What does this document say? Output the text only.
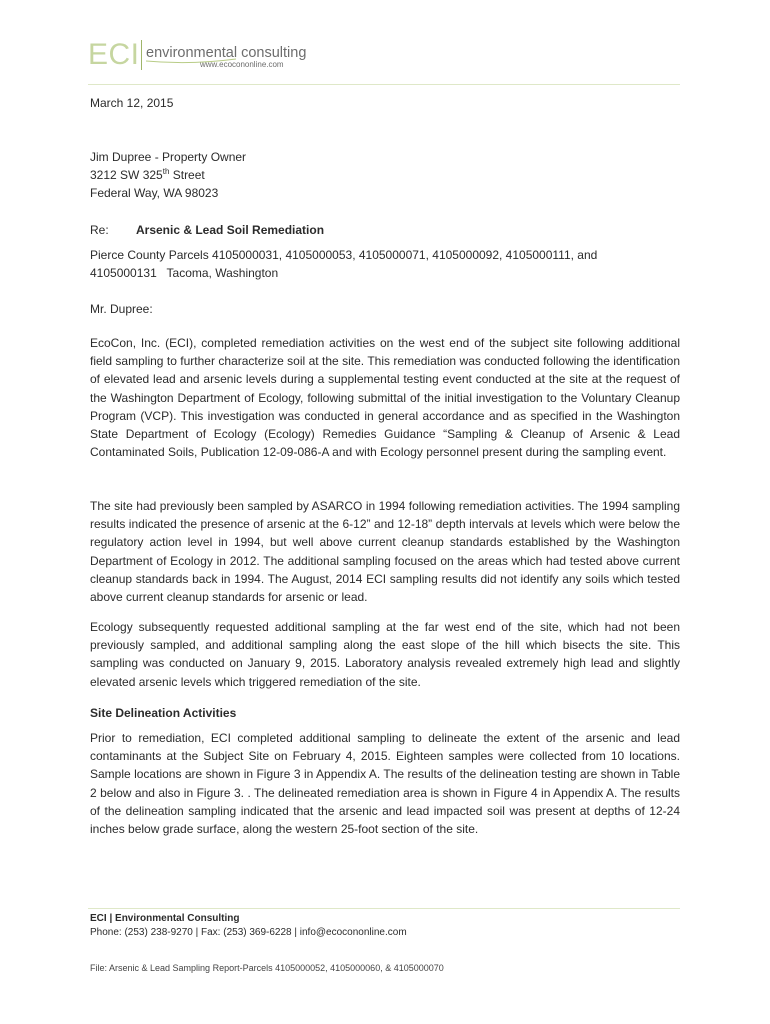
ECI environmental consulting
www.ecocononline.com
March 12, 2015
Jim Dupree - Property Owner
3212 SW 325th Street
Federal Way, WA 98023
Re: Arsenic & Lead Soil Remediation
Pierce County Parcels 4105000031, 4105000053, 4105000071, 4105000092, 4105000111, and
4105000131   Tacoma, Washington
Mr. Dupree:
EcoCon, Inc. (ECI), completed remediation activities on the west end of the subject site following additional field sampling to further characterize soil at the site. This remediation was conducted following the identification of elevated lead and arsenic levels during a supplemental testing event conducted at the site at the request of the Washington Department of Ecology, following submittal of the initial investigation to the Voluntary Cleanup Program (VCP). This investigation was conducted in general accordance and as specified in the Washington State Department of Ecology (Ecology) Remedies Guidance “Sampling & Cleanup of Arsenic & Lead Contaminated Soils, Publication 12-09-086-A and with Ecology personnel present during the sampling event.
The site had previously been sampled by ASARCO in 1994 following remediation activities. The 1994 sampling results indicated the presence of arsenic at the 6-12” and 12-18” depth intervals at levels which were below the regulatory action level in 1994, but well above current cleanup standards established by the Washington Department of Ecology in 2012. The additional sampling focused on the areas which had tested above current cleanup standards back in 1994. The August, 2014 ECI sampling results did not identify any soils which tested above current cleanup standards for arsenic or lead.
Ecology subsequently requested additional sampling at the far west end of the site, which had not been previously sampled, and additional sampling along the east slope of the hill which bisects the site. This sampling was conducted on January 9, 2015. Laboratory analysis revealed extremely high lead and slightly elevated arsenic levels which triggered remediation of the site.
Site Delineation Activities
Prior to remediation, ECI completed additional sampling to delineate the extent of the arsenic and lead contaminants at the Subject Site on February 4, 2015. Eighteen samples were collected from 10 locations. Sample locations are shown in Figure 3 in Appendix A. The results of the delineation testing are shown in Table 2 below and also in Figure 3. . The delineated remediation area is shown in Figure 4 in Appendix A. The results of the delineation sampling indicated that the arsenic and lead impacted soil was present at depths of 12-24 inches below grade surface, along the western 25-foot section of the site.
ECI | Environmental Consulting
Phone: (253) 238-9270 | Fax: (253) 369-6228 | info@ecocononline.com
File: Arsenic & Lead Sampling Report-Parcels 4105000052, 4105000060, & 4105000070
